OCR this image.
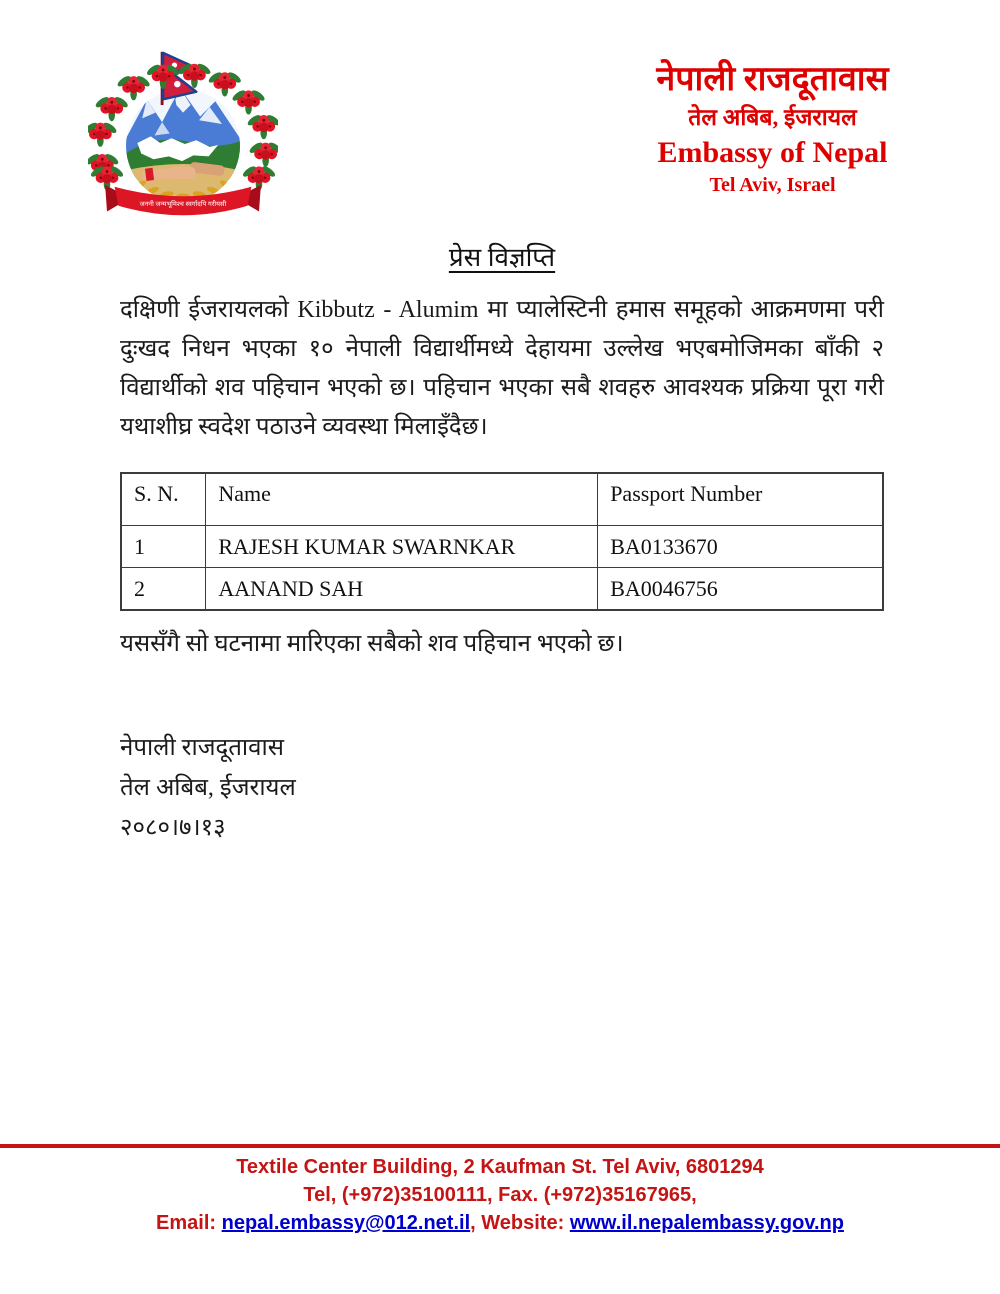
जननी जन्मभूमिश्च स्वर्गादपि गरीयसी
नेपाली राजदूतावास
तेल अबिब, ईजरायल
Embassy of Nepal
Tel Aviv, Israel
प्रेस विज्ञप्ति
दक्षिणी ईजरायलको Kibbutz - Alumim मा प्यालेस्टिनी हमास समूहको आक्रमणमा परी दुःखद निधन भएका १० नेपाली विद्यार्थीमध्ये देहायमा उल्लेख भएबमोजिमका बाँकी २ विद्यार्थीको शव पहिचान भएको छ। पहिचान भएका सबै शवहरु आवश्यक प्रक्रिया पूरा गरी यथाशीघ्र स्वदेश पठाउने व्यवस्था मिलाइँदैछ।
S. N.	Name	Passport Number
1	RAJESH KUMAR SWARNKAR	BA0133670
2	AANAND SAH	BA0046756
यससँगै सो घटनामा मारिएका सबैको शव पहिचान भएको छ।
नेपाली राजदूतावास
तेल अबिब, ईजरायल
२०८०।७।१३
Textile Center Building, 2 Kaufman St. Tel Aviv, 6801294
Tel, (+972)35100111, Fax. (+972)35167965,
Email: nepal.embassy@012.net.il, Website: www.il.nepalembassy.gov.np
